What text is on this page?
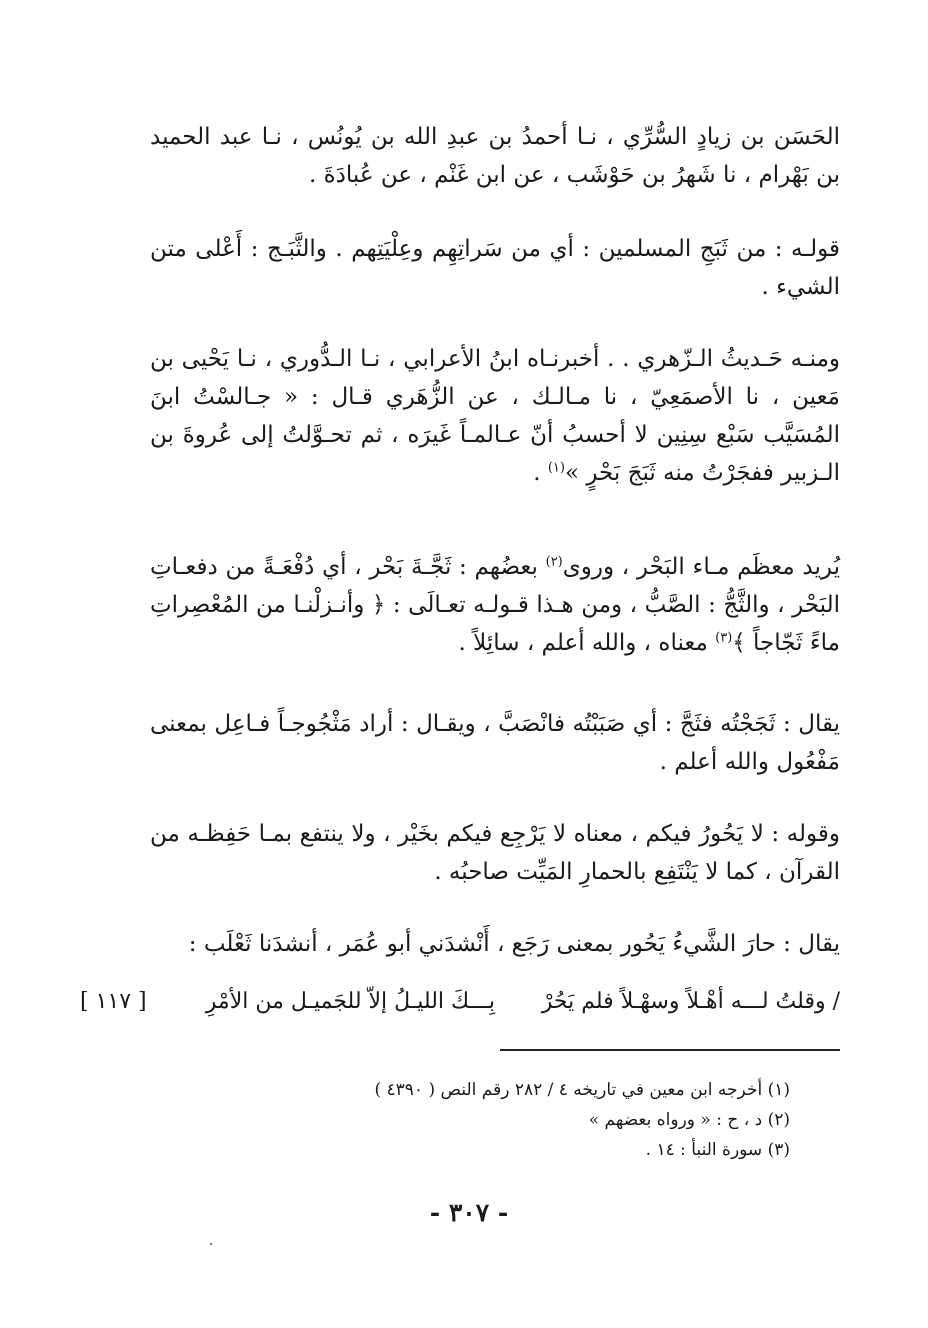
الحَسَن بن زيادٍ السُّرِّي ، نـا أحمدُ بن عبدِ الله بن يُونُس ، نـا عبد الحميد بن بَهْرام ، نا شَهرُ بن حَوْشَب ، عن ابن غَنْم ، عن عُبادَةَ .
قولـه : من ثَبَجِ المسلمين : أي من سَراتِهِم وعِلْيَتِهم . والثَّبَـج : أَعْلى متن الشيء .
ومنـه حَـديثُ الـزّهري . . أخبرنـاه ابنُ الأعرابي ، نـا الـدُّوري ، نـا يَحْيى بن مَعين ، نا الأصمَعِيّ ، نا مـالـك ، عن الزُّهَري قـال : « جـالسْتُ ابنَ المُسَيَّب سَبْع سِنِين لا أحسبُ أنّ عـالمـاً غَيرَه ، ثم تحـوَّلتُ إلى عُروةَ بن الـزبير ففجَرْتُ منه ثَبَجَ بَحْرٍ »$^{(١)}$ .
يُريد معظَم مـاء البَحْر ، وروى$^{(٢)}$ بعضُهم : ثَجَّـةَ بَحْر ، أي دُفْعَـةً من دفعـاتِ البَحْر ، والثَّجُّ : الصَّبُّ ، ومن هـذا قـولـه تعـالَى : ﴿ وأنـزلْنـا من المُعْصِراتِ ماءً ثَجّاجاً ﴾$^{(٣)}$ معناه ، والله أعلم ، سائِلاً .
يقال : ثَجَجْتُه فثَجَّ : أي صَبَبْتُه فانْصَبَّ ، ويقـال : أراد مَثْجُوجـاً فـاعِل بمعنى مَفْعُول والله أعلم .
وقوله : لا يَحُورُ فيكم ، معناه لا يَرْجِع فيكم بخَيْر ، ولا ينتفع بمـا حَفِظـه من القرآن ، كما لا يَنْتَفِع بالحمارِ المَيِّت صاحبُه .
يقال : حارَ الشَّيءُ يَحُور بمعنى رَجَع ، أَنْشدَني أبو عُمَر ، أنشدَنا ثَعْلَب :
/ وقلتُ لـــه أهْـلاً وسهْـلاً فلم يَحُرْ
بِـــكَ الليـلُ إلاّ للجَميـل من الأمْرِ
[ ١١٧ ]
(١) أخرجه ابن معين في تاريخه ٤ / ٢٨٢ رقم النص ( ٤٣٩٠ )
(٢) د ، ح : « ورواه بعضهم »
(٣) سورة النبأ : ١٤ .
- ٣٠٧ -
